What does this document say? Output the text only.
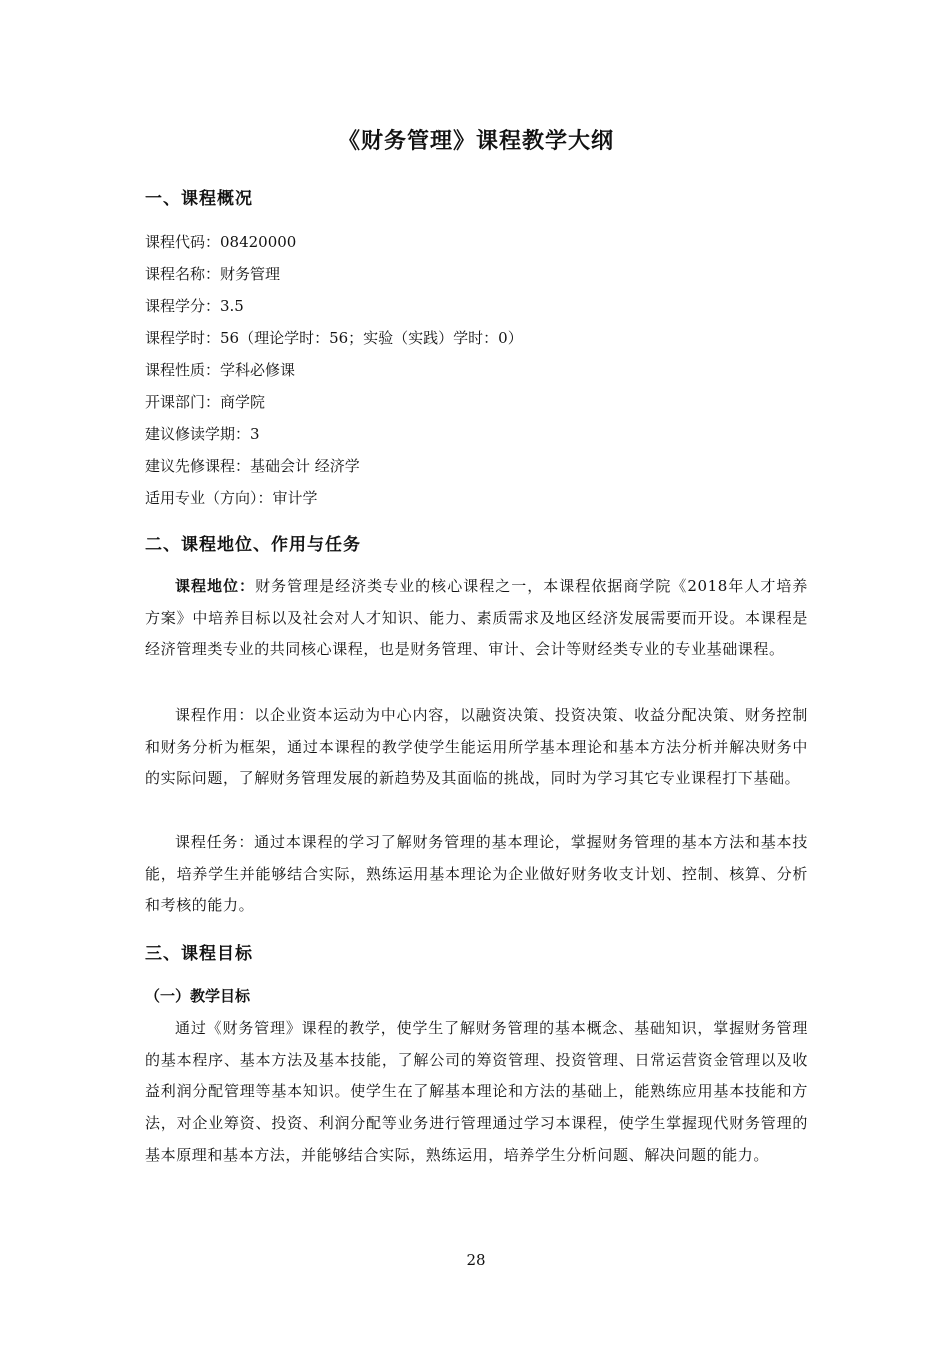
《财务管理》课程教学大纲
一、课程概况
课程代码：08420000
课程名称：财务管理
课程学分：3.5
课程学时：56（理论学时：56；实验（实践）学时：0）
课程性质：学科必修课
开课部门：商学院
建议修读学期：3
建议先修课程：基础会计 经济学
适用专业（方向）：审计学
二、课程地位、作用与任务
课程地位：财务管理是经济类专业的核心课程之一，本课程依据商学院《2018年人才培养方案》中培养目标以及社会对人才知识、能力、素质需求及地区经济发展需要而开设。本课程是经济管理类专业的共同核心课程，也是财务管理、审计、会计等财经类专业的专业基础课程。
课程作用：以企业资本运动为中心内容，以融资决策、投资决策、收益分配决策、财务控制和财务分析为框架，通过本课程的教学使学生能运用所学基本理论和基本方法分析并解决财务中的实际问题，了解财务管理发展的新趋势及其面临的挑战，同时为学习其它专业课程打下基础。
课程任务：通过本课程的学习了解财务管理的基本理论，掌握财务管理的基本方法和基本技能，培养学生并能够结合实际，熟练运用基本理论为企业做好财务收支计划、控制、核算、分析和考核的能力。
三、课程目标
（一）教学目标
通过《财务管理》课程的教学，使学生了解财务管理的基本概念、基础知识，掌握财务管理的基本程序、基本方法及基本技能，了解公司的筹资管理、投资管理、日常运营资金管理以及收益利润分配管理等基本知识。使学生在了解基本理论和方法的基础上，能熟练应用基本技能和方法，对企业筹资、投资、利润分配等业务进行管理通过学习本课程，使学生掌握现代财务管理的基本原理和基本方法，并能够结合实际，熟练运用，培养学生分析问题、解决问题的能力。
28
